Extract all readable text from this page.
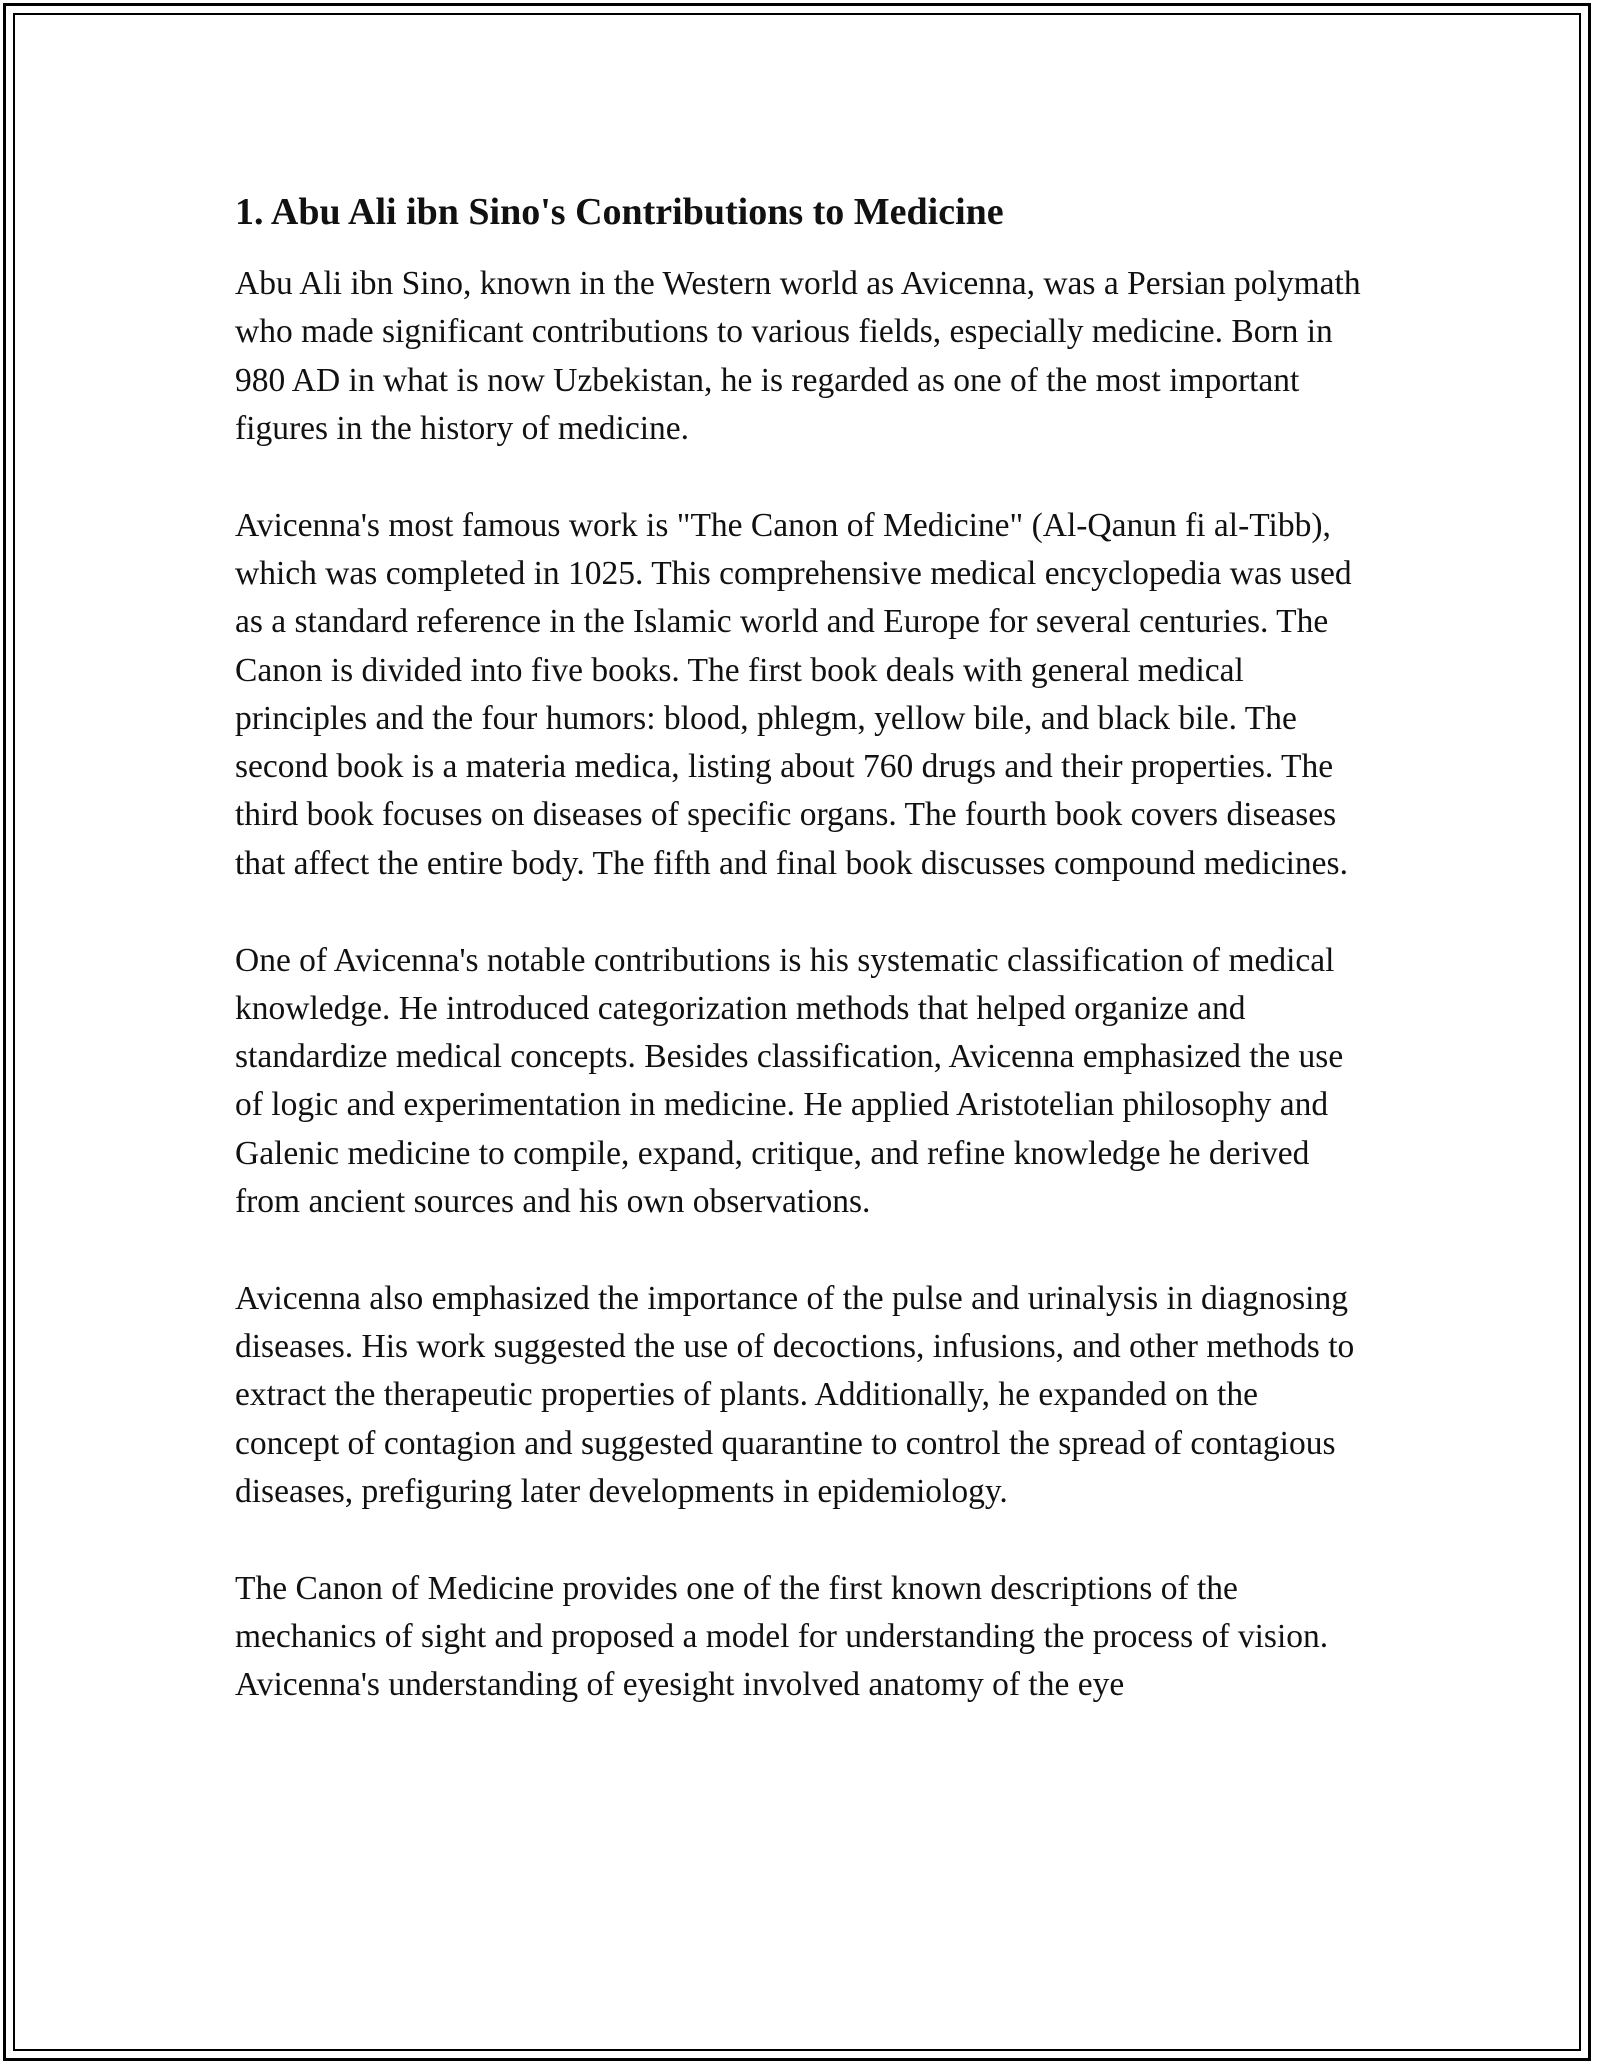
1. Abu Ali ibn Sino's Contributions to Medicine

Abu Ali ibn Sino, known in the Western world as Avicenna, was a Persian polymath who made significant contributions to various fields, especially medicine. Born in 980 AD in what is now Uzbekistan, he is regarded as one of the most important figures in the history of medicine.

Avicenna's most famous work is "The Canon of Medicine" (Al-Qanun fi al-Tibb), which was completed in 1025. This comprehensive medical encyclopedia was used as a standard reference in the Islamic world and Europe for several centuries. The Canon is divided into five books. The first book deals with general medical principles and the four humors: blood, phlegm, yellow bile, and black bile. The second book is a materia medica, listing about 760 drugs and their properties. The third book focuses on diseases of specific organs. The fourth book covers diseases that affect the entire body. The fifth and final book discusses compound medicines.

One of Avicenna's notable contributions is his systematic classification of medical knowledge. He introduced categorization methods that helped organize and standardize medical concepts. Besides classification, Avicenna emphasized the use of logic and experimentation in medicine. He applied Aristotelian philosophy and Galenic medicine to compile, expand, critique, and refine knowledge he derived from ancient sources and his own observations.

Avicenna also emphasized the importance of the pulse and urinalysis in diagnosing diseases. His work suggested the use of decoctions, infusions, and other methods to extract the therapeutic properties of plants. Additionally, he expanded on the concept of contagion and suggested quarantine to control the spread of contagious diseases, prefiguring later developments in epidemiology.

The Canon of Medicine provides one of the first known descriptions of the mechanics of sight and proposed a model for understanding the process of vision. Avicenna's understanding of eyesight involved anatomy of the eye
